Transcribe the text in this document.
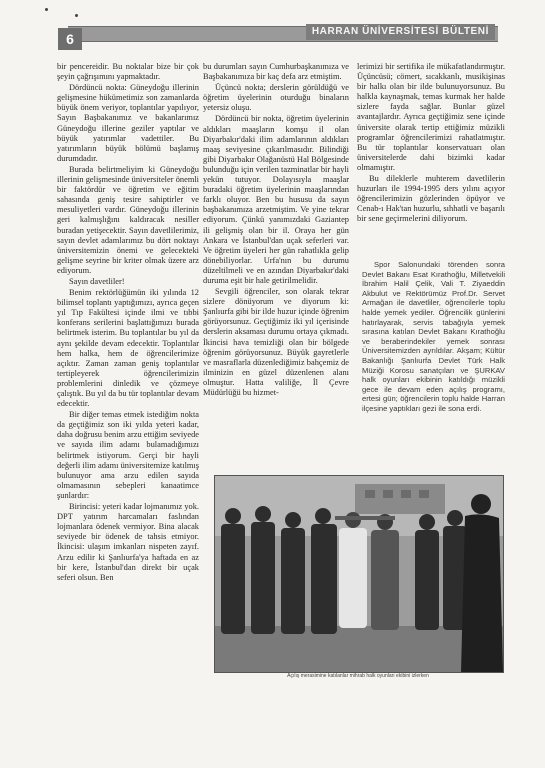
6	HARRAN ÜNİVERSİTESİ BÜLTENİ

bir pencereidir. Bu noktalar bize bir çok şeyin çağrışımını yapmaktadır.

Dördüncü nokta: Güneydoğu illerinin gelişmesine hükümetimiz son zamanlarda büyük önem veriyor, toplantılar yapılıyor, Sayın Başbakanımız ve bakanlarımız Güneydoğu illerine geziler yaptılar ve büyük yatırımlar vadettiler. Bu yatırımların büyük bölümü başlamış durumdadır.

Burada belirtmeliyim ki Güneydoğu illerinin gelişmesinde üniversiteler önemli bir faktördür ve öğretim ve eğitim sahasında geniş tesire sahiptirler ve mesuliyetleri vardır. Güneydoğu illerinin geri kalmışlığını kaldıracak nesiller buradan yetişecektir. Sayın davetlilerimiz, sayın devlet adamlarımız bu dört noktayı üniversitemizin önemi ve gelecekteki gelişme seyrine bir kriter olmak üzere arz ediyorum.

Sayın davetliler!

Benim rektörlüğümün iki yılında 12 bilimsel toplantı yaptığımızı, ayrıca geçen yıl Tıp Fakültesi içinde ilmi ve tıbbi konferans serilerini başlattığımızı burada belirtmek isterim. Bu toplantılar bu yıl da aynı şekilde devam edecektir. Toplantılar hem halka, hem de öğrencilerimize açıktır. Zaman zaman geniş toplantılar tertipleyerek öğrencilerimizin problemlerini dinledik ve çözmeye çalıştık. Bu yıl da bu tür toplantılar devam edecektir.

Bir diğer temas etmek istediğim nokta da geçtiğimiz son iki yılda yeteri kadar, daha doğrusu benim arzu ettiğim seviyede ve sayıda ilim adamı bulamadığımızı belirtmek istiyorum. Gerçi bir hayli değerli ilim adamı üniversitemize katılmış bulunuyor ama arzu edilen sayıda olmamasının sebepleri kanaatimce şunlardır:

Birincisi: yeteri kadar lojmanımız yok. DPT yatırım harcamaları faslından lojmanlara ödenek vermiyor. Bina alacak seviyede bir ödenek de tahsis etmiyor. İkincisi: ulaşım imkanları nispeten zayıf. Arzu edilir ki Şanlıurfa'ya haftada en az bir kere, İstanbul'dan direkt bir uçak seferi olsun. Ben

bu durumları sayın Cumhurbaşkanımıza ve Başbakanımıza bir kaç defa arz etmiştim.

Üçüncü nokta; derslerin görüldüğü ve öğretim üyelerinin oturduğu binaların yetersiz oluşu.

Dördüncü bir nokta, öğretim üyelerinin aldıkları maaşların komşu il olan Diyarbakır'daki ilim adamlarının aldıkları maaş seviyesine çıkarılmasıdır. Bilindiği gibi Diyarbakır Olağanüstü Hal Bölgesinde bulunduğu için verilen tazminatlar bir hayli yekün tutuyor. Dolayısıyla maaşlar buradaki öğretim üyelerinin maaşlarından farklı oluyor. Ben bu hususu da sayın başbakanımıza arzetmiştim. Ve yine tekrar ediyorum. Çünkü yanımızdaki Gaziantep ili gelişmiş olan bir il. Oraya her gün Ankara ve İstanbul'dan uçak seferleri var. Ve öğretim üyeleri her gün rahatlıkla gelip dönebiliyorlar. Urfa'nın bu durumu düzeltilmeli ve en azından Diyarbakır'daki duruma eşit bir hale getirilmelidir.

Sevgili öğrenciler, son olarak tekrar sizlere dönüyorum ve diyorum ki: Şanlıurfa gibi bir ilde huzur içinde öğrenim görüyorsunuz. Geçtiğimiz iki yıl içerisinde derslerin aksaması durumu ortaya çıkmadı. İkincisi hava temizliği olan bir bölgede öğrenim görüyorsunuz. Büyük gayretlerle ve masraflarla düzenlediğimiz bahçemiz de ilminizin en güzel düzenlenen alanı olmuştur. Hatta valiliğe, İl Çevre Müdürlüğü bu hizmet-

lerimizi bir sertifika ile mükafatlandırmıştır. Üçüncüsü; cömert, sıcakkanlı, musikişinas bir halkı olan bir ilde bulunuyorsunuz. Bu halkla kaynaşmak, temas kurmak her halde sizlere fayda sağlar. Bunlar güzel avantajlardır. Ayrıca geçtiğimiz sene içinde üniversite olarak tertip ettiğimiz müzikli programlar öğrencilerimizi rahatlatmıştır. Bu tür toplantılar konservatuarı olan üniversitelerde dahi bizimki kadar olmamıştır.

Bu dileklerle muhterem davetlilerin huzurları ile 1994-1995 ders yılını açıyor öğrencilerimizin gözlerinden öpüyor ve Cenab-ı Hak'tan huzurlu, sıhhatli ve başarılı bir sene geçirmelerini diliyorum.

Spor Salonundaki törenden sonra Devlet Bakanı Esat Kırathoğlu, Milletvekili İbrahim Halil Çelik, Vali T. Ziyaeddin Akbulut ve Rektörümüz Prof.Dr. Servet Armağan ile davetliler, öğrencilerle toplu halde yemek yediler. Öğrencilik günlerini hatırlayarak, servis tabağıyla yemek sırasına katılan Devlet Bakanı Kırathoğlu ve beraberindekiler yemek sonrası Üniversitemizden ayrıldılar. Akşam; Kültür Bakanlığı Şanlıurfa Devlet Türk Halk Müziği Korosu sanatçıları ve ŞURKAV halk oyunları ekibinin katıldığı müzikli gece ile devam eden açılış programı, ertesi gün; öğrencilerin toplu halde Harran ilçesine yaptıkları gezi ile sona erdi.

Açılış merasimine katılanlar mihrab halk oyunları ekibini izlerken
